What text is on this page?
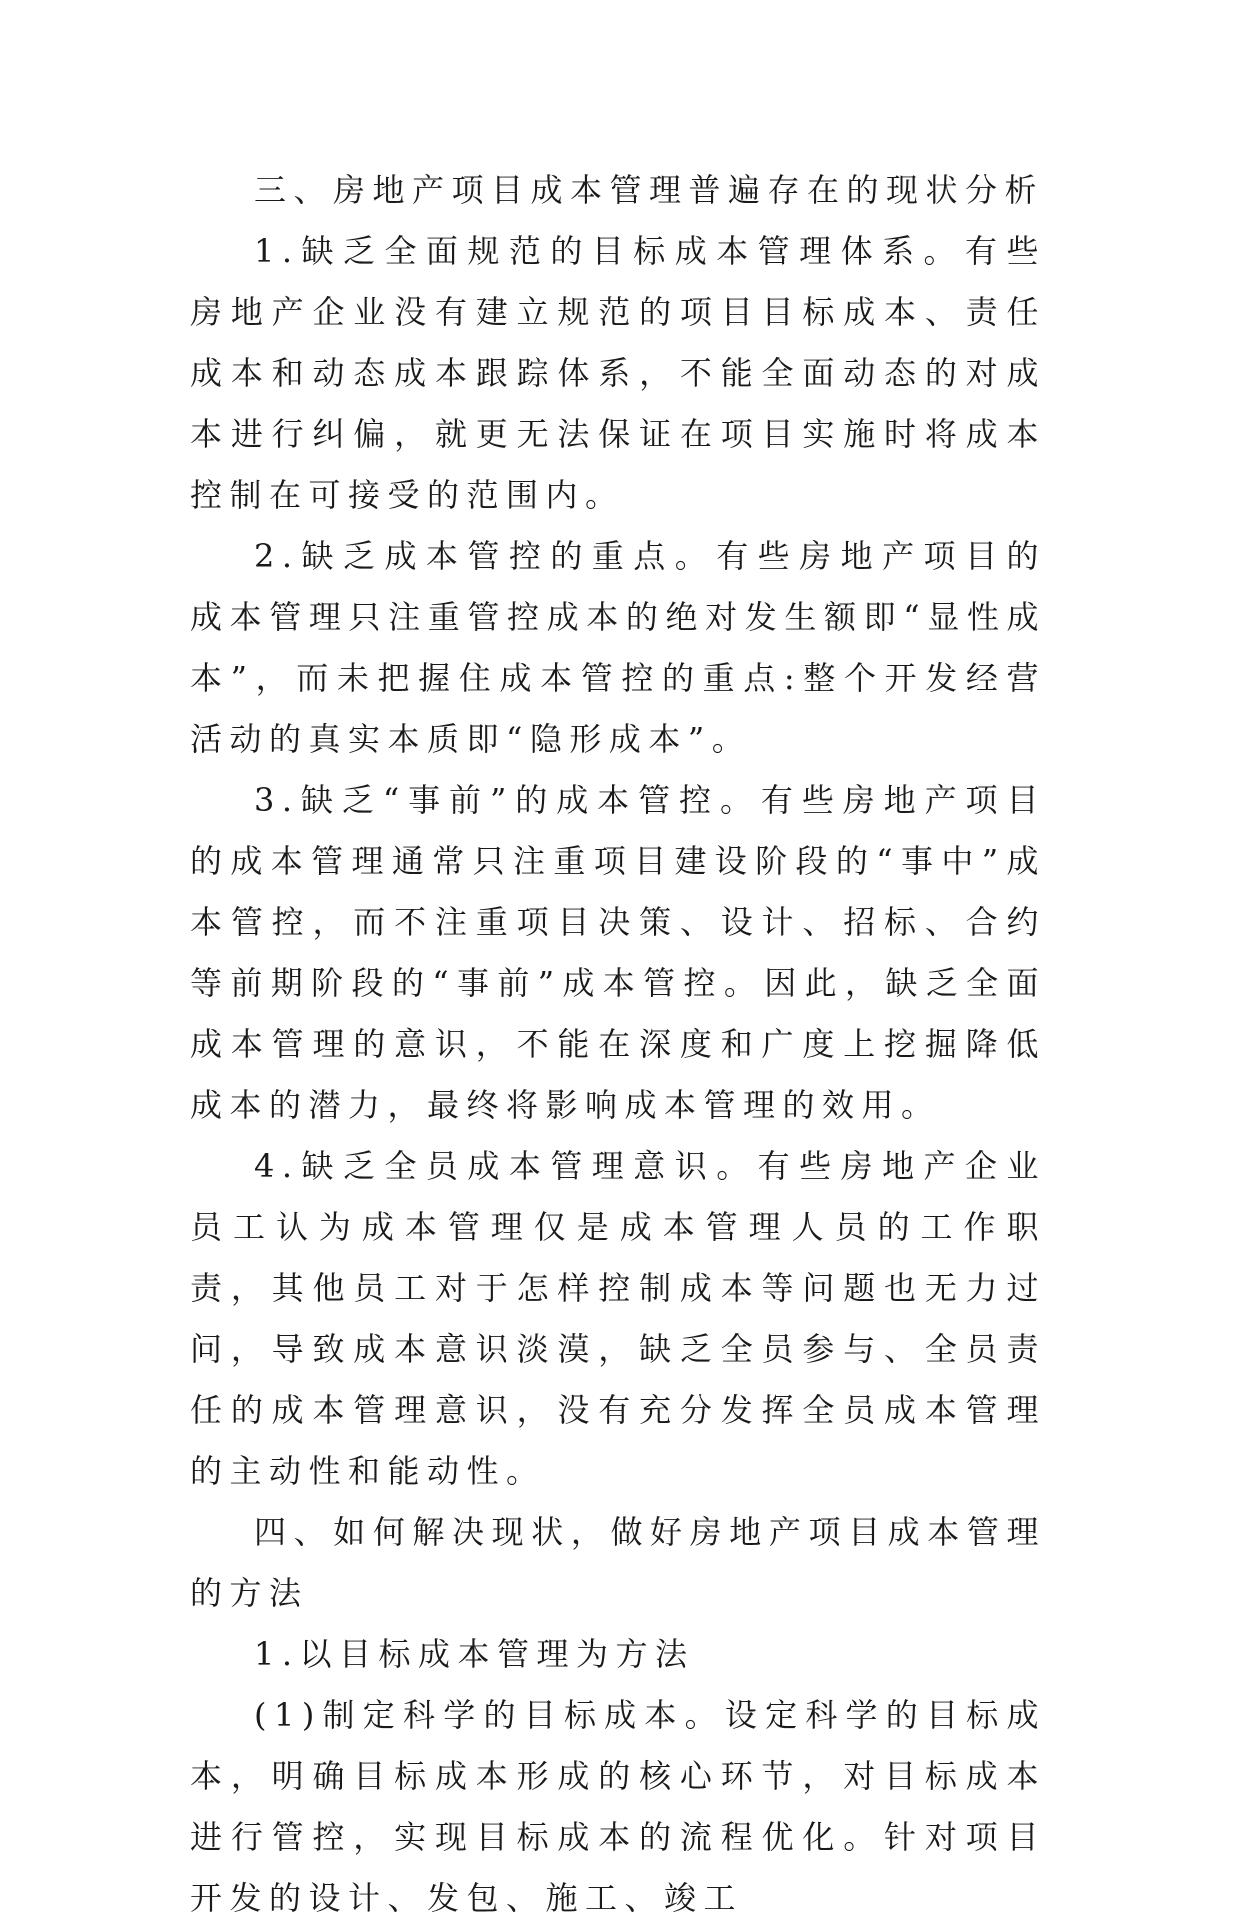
三、房地产项目成本管理普遍存在的现状分析

1.缺乏全面规范的目标成本管理体系。有些房地产企业没有建立规范的项目目标成本、责任成本和动态成本跟踪体系，不能全面动态的对成本进行纠偏，就更无法保证在项目实施时将成本控制在可接受的范围内。

2.缺乏成本管控的重点。有些房地产项目的成本管理只注重管控成本的绝对发生额即“显性成本”，而未把握住成本管控的重点:整个开发经营活动的真实本质即“隐形成本”。

3.缺乏“事前”的成本管控。有些房地产项目的成本管理通常只注重项目建设阶段的“事中”成本管控，而不注重项目决策、设计、招标、合约等前期阶段的“事前”成本管控。因此，缺乏全面成本管理的意识，不能在深度和广度上挖掘降低成本的潜力，最终将影响成本管理的效用。

4.缺乏全员成本管理意识。有些房地产企业员工认为成本管理仅是成本管理人员的工作职责，其他员工对于怎样控制成本等问题也无力过问，导致成本意识淡漠，缺乏全员参与、全员责任的成本管理意识，没有充分发挥全员成本管理的主动性和能动性。

四、如何解决现状，做好房地产项目成本管理的方法

1.以目标成本管理为方法

(1)制定科学的目标成本。设定科学的目标成本，明确目标成本形成的核心环节，对目标成本进行管控，实现目标成本的流程优化。针对项目开发的设计、发包、施工、竣工
